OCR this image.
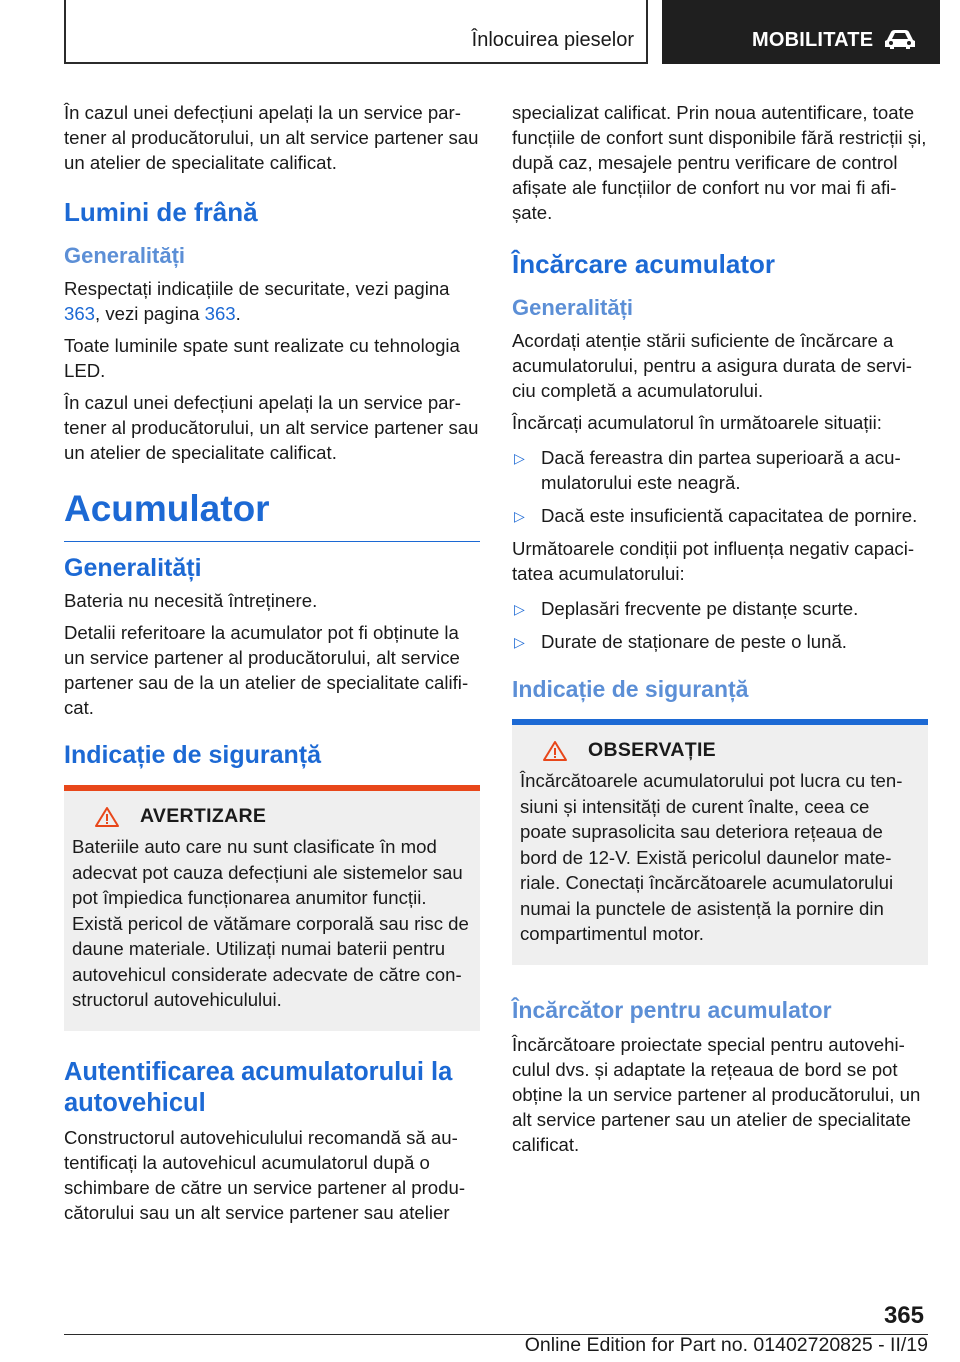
Înlocuirea pieselor	MOBILITATE

În cazul unei defecțiuni apelați la un service partener al producătorului, un alt service partener sau un atelier de specialitate calificat.

Lumini de frână
Generalități

Respectați indicațiile de securitate, vezi pagina 363, vezi pagina 363.

Toate luminile spate sunt realizate cu tehnologia LED.

În cazul unei defecțiuni apelați la un service partener al producătorului, un alt service partener sau un atelier de specialitate calificat.

Acumulator
Generalități

Bateria nu necesită întreținere.

Detalii referitoare la acumulator pot fi obținute la un service partener al producătorului, alt service partener sau de la un atelier de specialitate calificat.

Indicație de siguranță
AVERTIZARE

Bateriile auto care nu sunt clasificate în mod adecvat pot cauza defecțiuni ale sistemelor sau pot împiedica funcționarea anumitor funcții. Există pericol de vătămare corporală sau risc de daune materiale. Utilizați numai baterii pentru autovehicul considerate adecvate de către constructorul autovehiculului.

Autentificarea acumulatorului la autovehicul

Constructorul autovehiculului recomandă să autentificați la autovehicul acumulatorul după o schimbare de către un service partener al producătorului sau un alt service partener sau atelier

specializat calificat. Prin noua autentificare, toate funcțiile de confort sunt disponibile fără restricții și, după caz, mesajele pentru verificare de control afișate ale funcțiilor de confort nu vor mai fi afișate.

Încărcare acumulator
Generalități

Acordați atenție stării suficiente de încărcare a acumulatorului, pentru a asigura durata de serviciu completă a acumulatorului.

Încărcați acumulatorul în următoarele situații:

▷ Dacă fereastra din partea superioară a acumulatorului este neagră.
▷ Dacă este insuficientă capacitatea de pornire.

Următoarele condiții pot influența negativ capacitatea acumulatorului:

▷ Deplasări frecvente pe distanțe scurte.
▷ Durate de staționare de peste o lună.
Indicație de siguranță
OBSERVAȚIE

Încărcătoarele acumulatorului pot lucra cu tensiuni și intensități de curent înalte, ceea ce poate suprasolicita sau deteriora rețeaua de bord de 12-V. Există pericolul daunelor materiale. Conectați încărcătoarele acumulatorului numai la punctele de asistență la pornire din compartimentul motor.

Încărcător pentru acumulator

Încărcătoare proiectate special pentru autovehiculul dvs. și adaptate la rețeaua de bord se pot obține la un service partener al producătorului, un alt service partener sau un atelier de specialitate calificat.

365
Online Edition for Part no. 01402720825 - II/19
